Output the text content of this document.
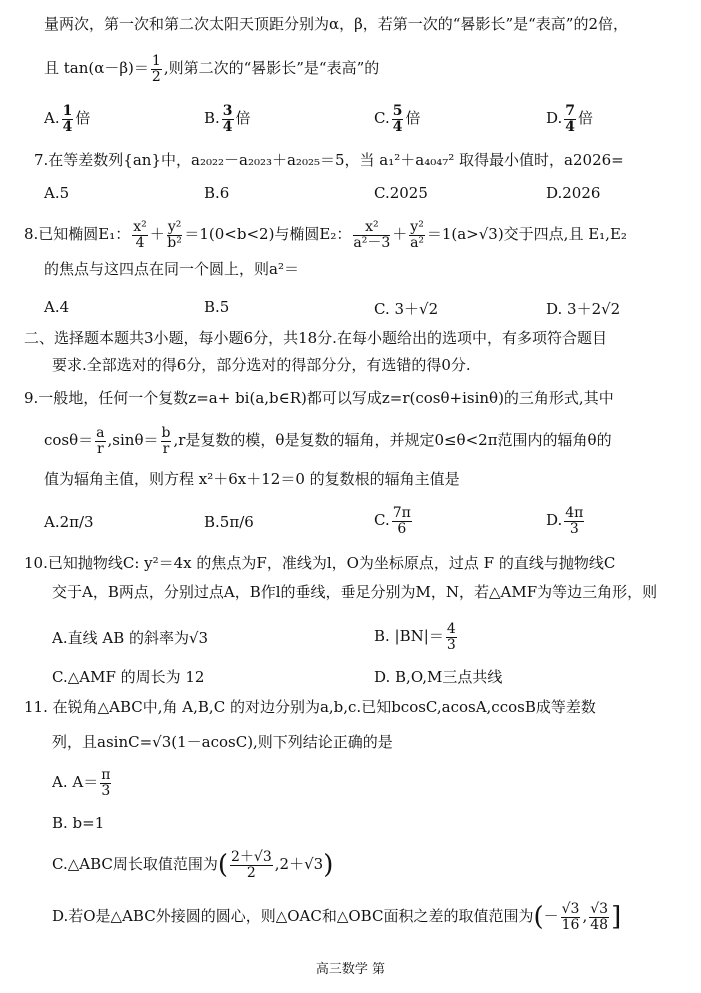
量两次，第一次和第二次太阳天顶距分别为α，β，若第一次的“晷影长”是“表高”的2倍，
且 $\tan(\alpha-\beta)= \frac{1}{2}$ ,则第二次的“晷影长”是“表高”的
A. $\frac{1}{4}$ 倍	B. $\frac{3}{4}$ 倍	C. $\frac{5}{4}$ 倍	D. $\frac{7}{4}$ 倍
7.在等差数列{an}中，a₂₀₂₂－a₂₀₂₃＋a₂₀₂₅＝5，当 a₁²＋a₄₀₄₇² 取得最小值时，a2026=
A.5	B.6	C.2025	D.2026
8.已知椭圆E₁： $\frac{\text{x²}}{4} + \frac{\text{y²}}{\text{b²}} =1(0<b<2)$与椭圆E₂： $\frac{\text{x²}}{\text{a²－3}} + \frac{\text{y²}}{\text{a²}} =1(a>√3)$交于四点,且 E₁,E₂
的焦点与这四点在同一个圆上，则a²＝
A.4	B.5	C. 3＋√2	D. 3＋2√2
二、选择题本题共3小题，每小题6分，共18分.在每小题给出的选项中，有多项符合题目
要求.全部选对的得6分，部分选对的得部分分，有选错的得0分.
9.一般地，任何一个复数z=a+ bi(a,b∈R)都可以写成z=r(cosθ+isinθ)的三角形式,其中
$\cos\theta= \frac{a}{r} ,\sin\theta= \frac{b}{r} ,r$是复数的模，θ是复数的辐角，并规定0≤θ<2π范围内的辐角θ的
值为辐角主值，则方程 x²＋6x＋12＝0 的复数根的辐角主值是
A.2π/3	B.5π/6	C. $\frac{7\pi}{6}$	D. $\frac{4\pi}{3}$
10.已知抛物线C: y²＝4x 的焦点为F，准线为l，O为坐标原点，过点 F 的直线与抛物线C
交于A，B两点，分别过点A，B作l的垂线，垂足分别为M，N，若△AMF为等边三角形，则
A.直线 AB 的斜率为√3	B. $|BN|= \frac{4}{3}$
C.△AMF 的周长为 12	D. B,O,M三点共线
11. 在锐角△ABC中,角 A,B,C 的对边分别为a,b,c.已知bcosC,acosA,ccosB成等差数
列，且asinC=√3(1－acosC),则下列结论正确的是
A. $A= \frac{\pi}{3}$
B. b=1
C.△ABC周长取值范围为( $\frac{2+√3}{2} ,2+√3$)
D.若O是△ABC外接圆的圆心，则△OAC和△OBC面积之差的取值范围为(－ $\frac{√3}{16}$ , $\frac{√3}{48}$ ]
高三数学 第
